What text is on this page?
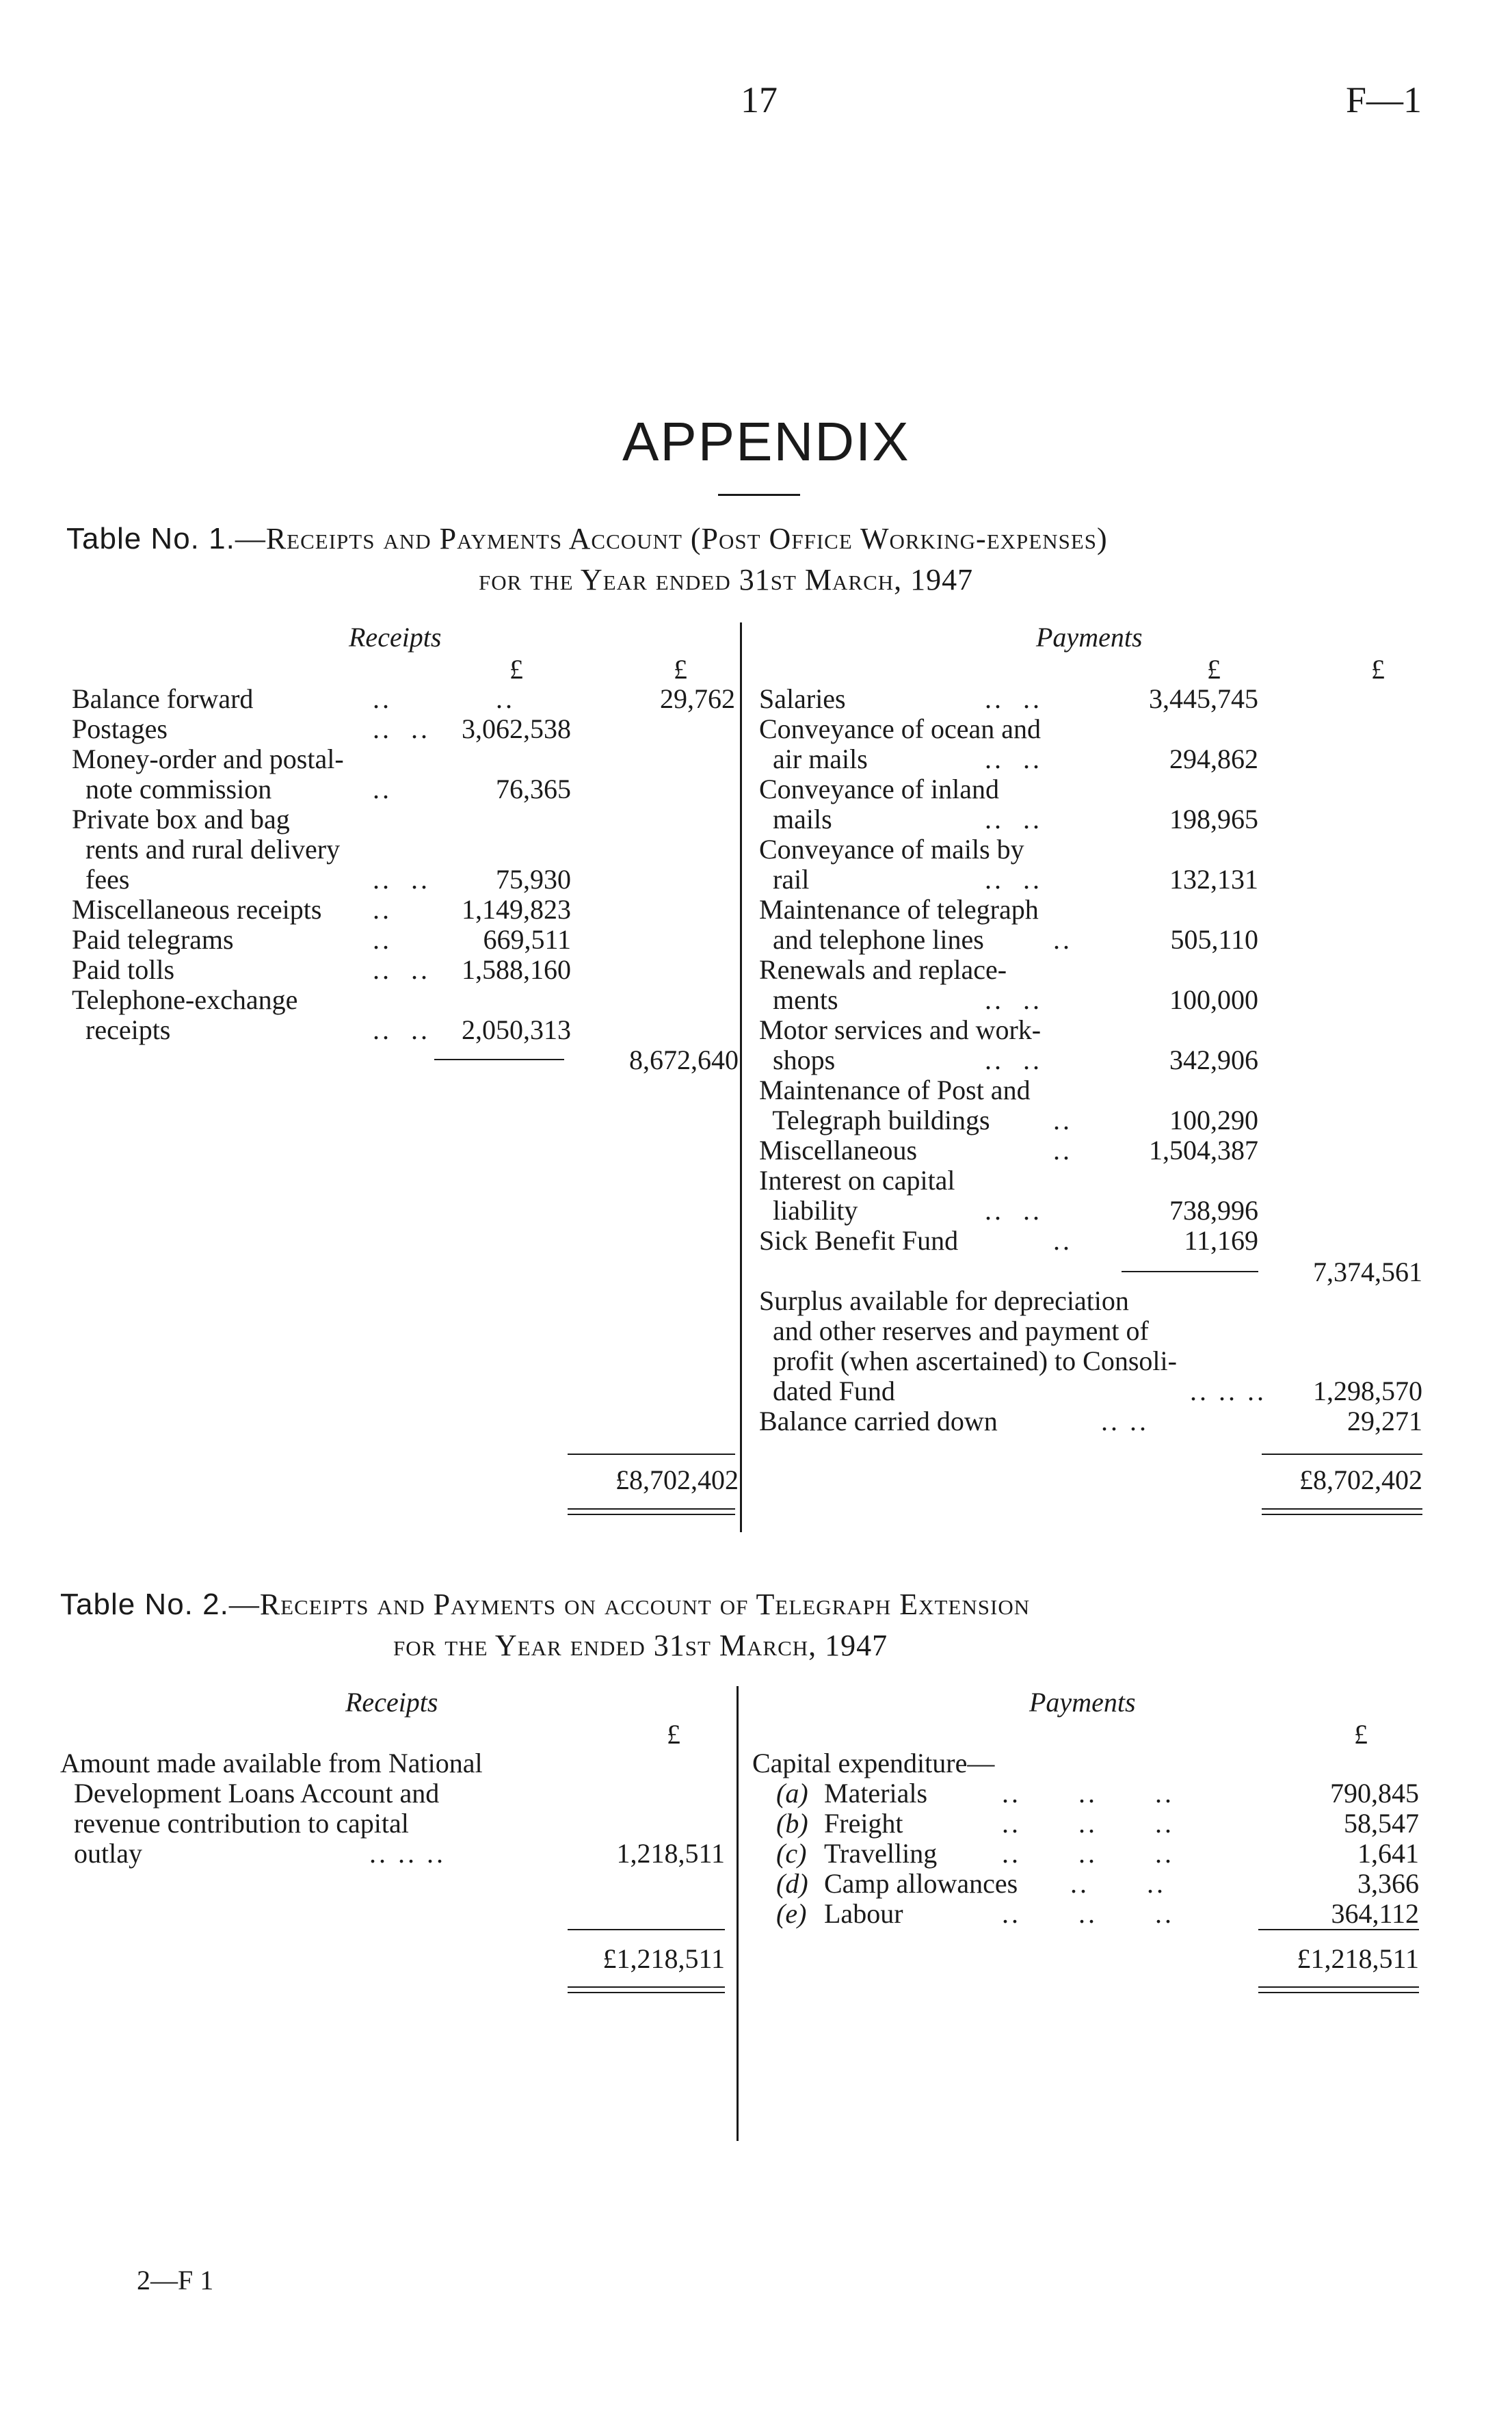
17	F—1
APPENDIX
Table No. 1.—Receipts and Payments Account (Post Office Working-expenses)
for the Year ended 31st March, 1947
Receipts	Payments
£	£	£	£
Balance forward	..	..	29,762
Postages	..  ..	3,062,538
Money-order and postal-
note commission	..	76,365
Private box and bag
rents and rural delivery
fees	..  ..	75,930
Miscellaneous receipts ..	1,149,823
Paid telegrams	..	669,511
Paid tolls	..  ..	1,588,160
Telephone-exchange
receipts	..  ..	2,050,313
8,672,640
£8,702,402
Salaries	..  ..	3,445,745
Conveyance of ocean and
air mails	..  ..	294,862
Conveyance of inland
mails	..  ..	198,965
Conveyance of mails by
rail	..  ..	132,131
Maintenance of telegraph
and telephone lines	..	505,110
Renewals and replace-
ments	..  ..	100,000
Motor services and work-
shops	..  ..	342,906
Maintenance of Post and
Telegraph buildings ..	100,290
Miscellaneous	..	1,504,387
Interest on capital
liability	..  ..	738,996
Sick Benefit Fund	..	11,169
7,374,561
Surplus available for depreciation
and other reserves and payment of
profit (when ascertained) to Consoli-
dated Fund	.. .. ..	1,298,570
Balance carried down	.. ..	29,271
£8,702,402
Table No. 2.—Receipts and Payments on account of Telegraph Extension
for the Year ended 31st March, 1947
Receipts	Payments
£	£
Amount made available from National
Development Loans Account and
revenue contribution to capital
outlay	.. .. ..	1,218,511
£1,218,511
Capital expenditure—
(a) Materials	..      ..      ..	790,845
(b) Freight	..      ..      ..	58,547
(c) Travelling ..      ..      ..	1,641
(d) Camp allowances ..      ..	3,366
(e) Labour	..      ..      ..	364,112
£1,218,511
2—F 1
